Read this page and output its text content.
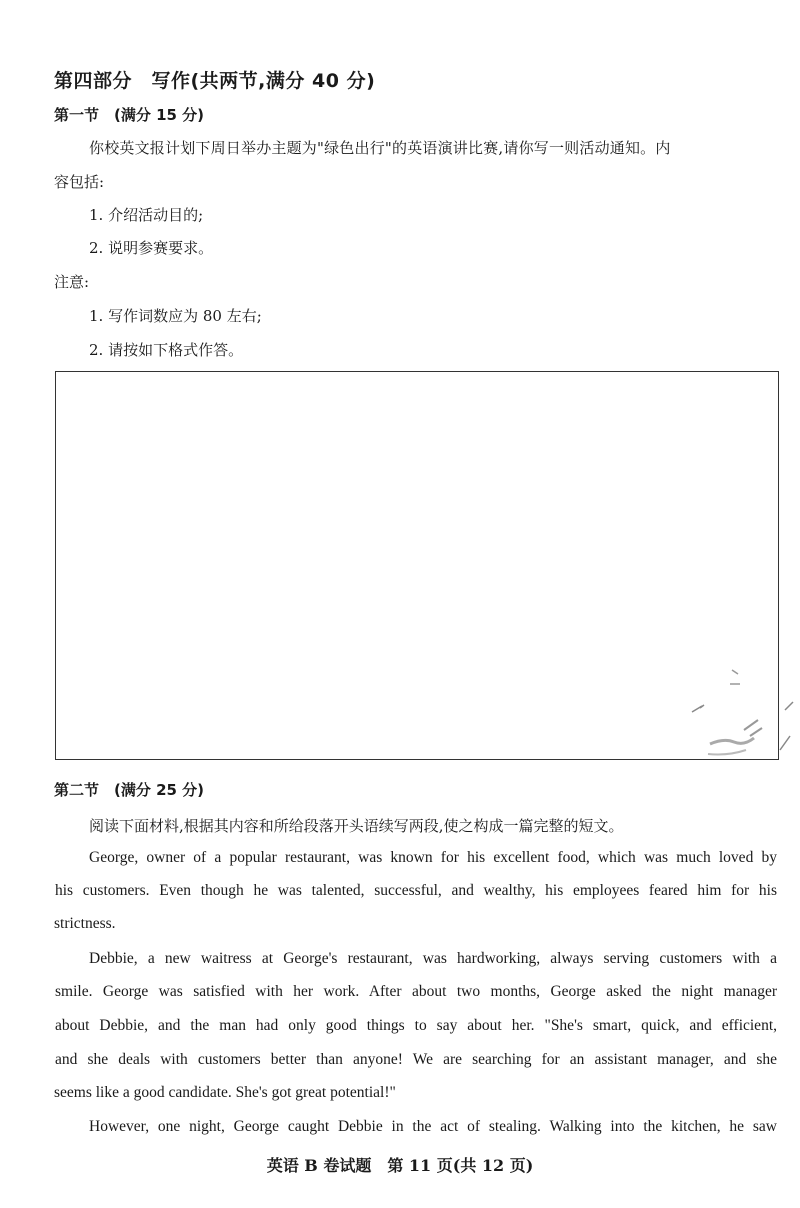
第四部分　写作(共两节,满分 40 分)
第一节　(满分 15 分)
你校英文报计划下周日举办主题为"绿色出行"的英语演讲比赛,请你写一则活动通知。内
容包括:
1. 介绍活动目的;
2. 说明参赛要求。
注意:
1. 写作词数应为 80 左右;
2. 请按如下格式作答。
第二节　(满分 25 分)
阅读下面材料,根据其内容和所给段落开头语续写两段,使之构成一篇完整的短文。
George, owner of a popular restaurant, was known for his excellent food, which was much loved by
his customers. Even though he was talented, successful, and wealthy, his employees feared him for his
strictness.
Debbie, a new waitress at George's restaurant, was hardworking, always serving customers with a
smile. George was satisfied with her work. After about two months, George asked the night manager
about Debbie, and the man had only good things to say about her. "She's smart, quick, and efficient,
and she deals with customers better than anyone! We are searching for an assistant manager, and she
seems like a good candidate. She's got great potential!"
However, one night, George caught Debbie in the act of stealing. Walking into the kitchen, he saw
英语 B 卷试题　第 11 页(共 12 页)
